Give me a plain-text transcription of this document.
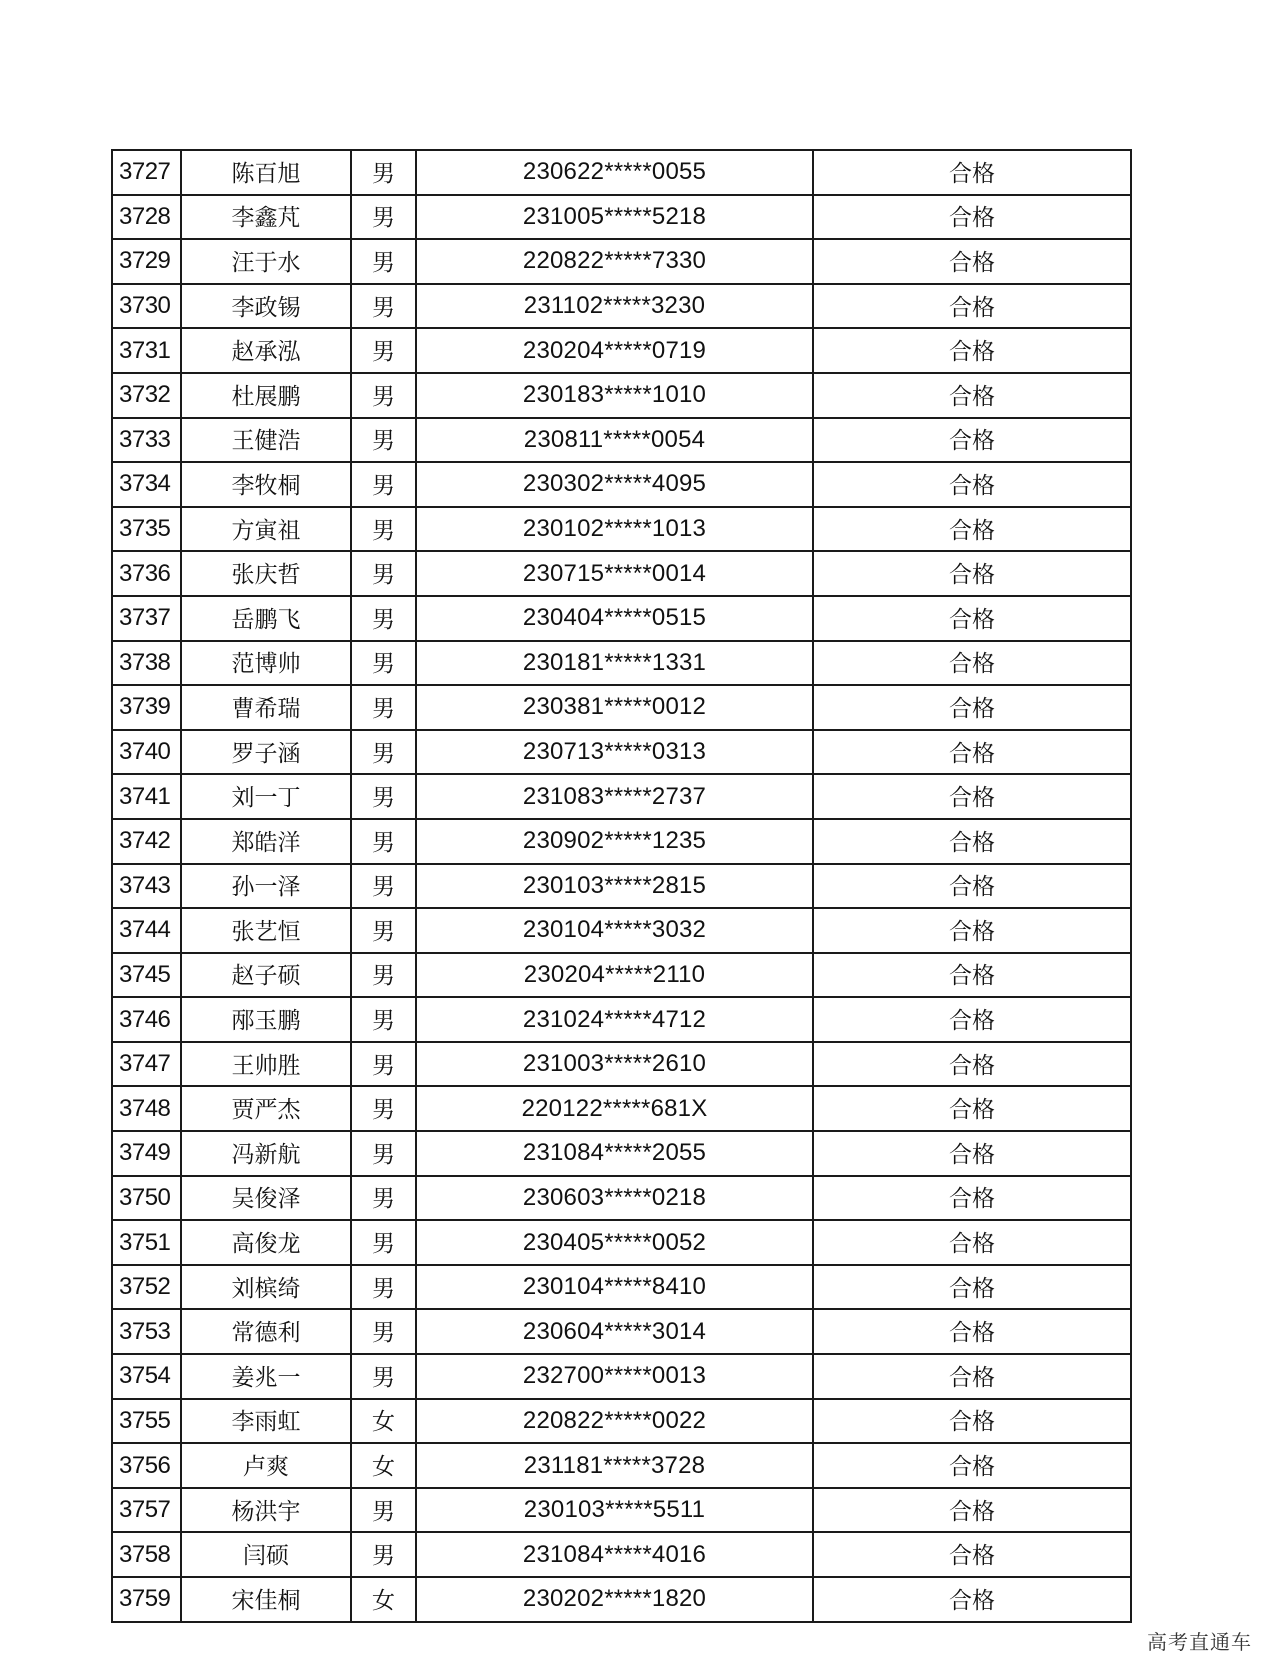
3727	陈百旭	男	230622*****0055	合格
3728	李鑫芃	男	231005*****5218	合格
3729	汪于水	男	220822*****7330	合格
3730	李政锡	男	231102*****3230	合格
3731	赵承泓	男	230204*****0719	合格
3732	杜展鹏	男	230183*****1010	合格
3733	王健浩	男	230811*****0054	合格
3734	李牧桐	男	230302*****4095	合格
3735	方寅祖	男	230102*****1013	合格
3736	张庆哲	男	230715*****0014	合格
3737	岳鹏飞	男	230404*****0515	合格
3738	范博帅	男	230181*****1331	合格
3739	曹希瑞	男	230381*****0012	合格
3740	罗子涵	男	230713*****0313	合格
3741	刘一丁	男	231083*****2737	合格
3742	郑皓洋	男	230902*****1235	合格
3743	孙一泽	男	230103*****2815	合格
3744	张艺恒	男	230104*****3032	合格
3745	赵子硕	男	230204*****2110	合格
3746	邴玉鹏	男	231024*****4712	合格
3747	王帅胜	男	231003*****2610	合格
3748	贾严杰	男	220122*****681X	合格
3749	冯新航	男	231084*****2055	合格
3750	吴俊泽	男	230603*****0218	合格
3751	高俊龙	男	230405*****0052	合格
3752	刘槟绮	男	230104*****8410	合格
3753	常德利	男	230604*****3014	合格
3754	姜兆一	男	232700*****0013	合格
3755	李雨虹	女	220822*****0022	合格
3756	卢爽	女	231181*****3728	合格
3757	杨洪宇	男	230103*****5511	合格
3758	闫硕	男	231084*****4016	合格
3759	宋佳桐	女	230202*****1820	合格
高考直通车
